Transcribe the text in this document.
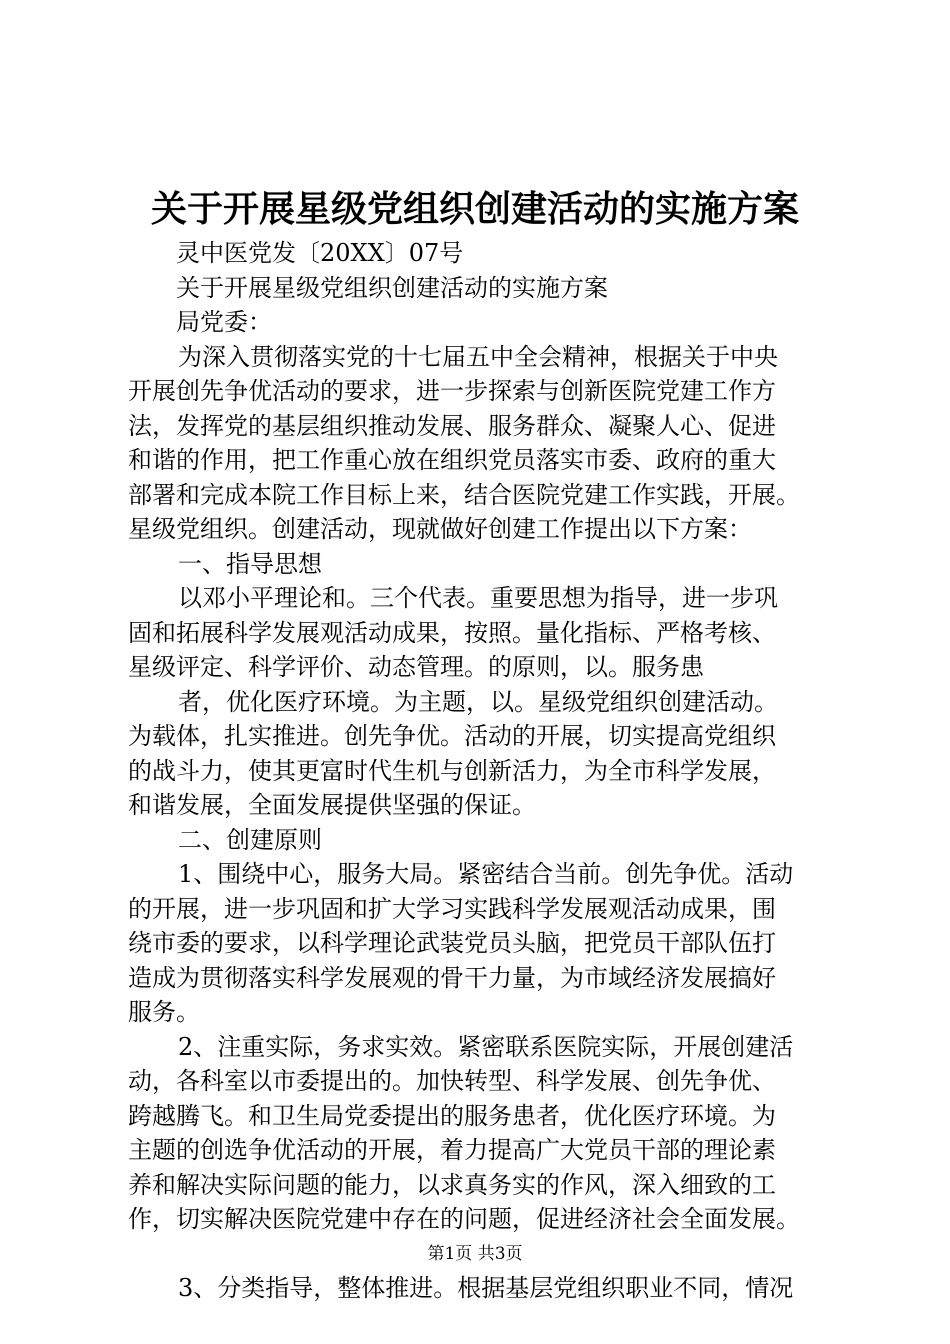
关于开展星级党组织创建活动的实施方案
灵中医党发〔20XX〕07号
关于开展星级党组织创建活动的实施方案
局党委：
为深入贯彻落实党的十七届五中全会精神，根据关于中央
开展创先争优活动的要求，进一步探索与创新医院党建工作方
法，发挥党的基层组织推动发展、服务群众、凝聚人心、促进
和谐的作用，把工作重心放在组织党员落实市委、政府的重大
部署和完成本院工作目标上来，结合医院党建工作实践，开展。
星级党组织。创建活动，现就做好创建工作提出以下方案：
一、指导思想
以邓小平理论和。三个代表。重要思想为指导，进一步巩
固和拓展科学发展观活动成果，按照。量化指标、严格考核、
星级评定、科学评价、动态管理。的原则，以。服务患
者，优化医疗环境。为主题，以。星级党组织创建活动。
为载体，扎实推进。创先争优。活动的开展，切实提高党组织
的战斗力，使其更富时代生机与创新活力，为全市科学发展，
和谐发展，全面发展提供坚强的保证。
二、创建原则
1、围绕中心，服务大局。紧密结合当前。创先争优。活动
的开展，进一步巩固和扩大学习实践科学发展观活动成果，围
绕市委的要求，以科学理论武装党员头脑，把党员干部队伍打
造成为贯彻落实科学发展观的骨干力量，为市域经济发展搞好
服务。
2、注重实际，务求实效。紧密联系医院实际，开展创建活
动，各科室以市委提出的。加快转型、科学发展、创先争优、
跨越腾飞。和卫生局党委提出的服务患者，优化医疗环境。为
主题的创选争优活动的开展，着力提高广大党员干部的理论素
养和解决实际问题的能力，以求真务实的作风，深入细致的工
作，切实解决医院党建中存在的问题，促进经济社会全面发展。
3、分类指导，整体推进。根据基层党组织职业不同，情况
第1页 共3页
